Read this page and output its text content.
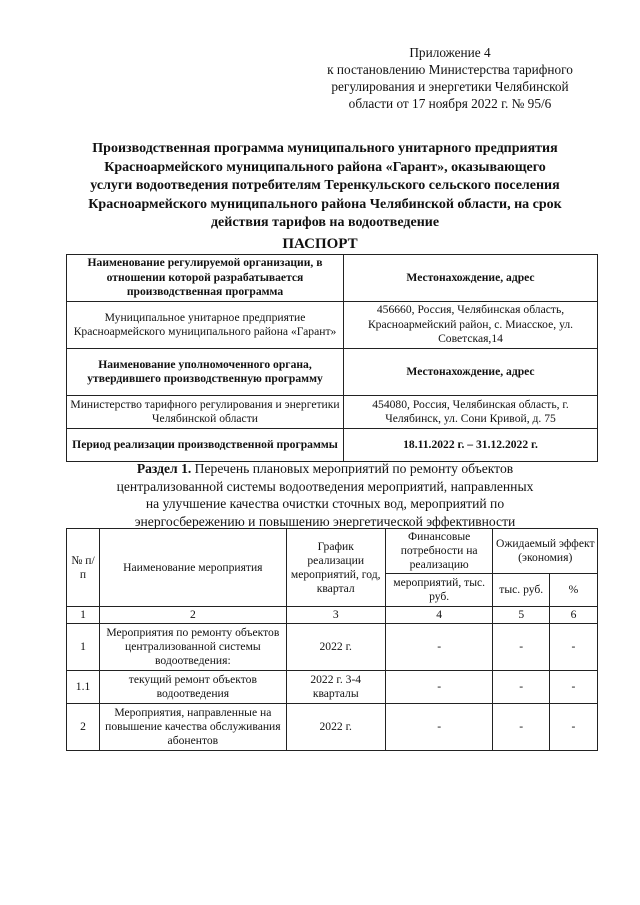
Приложение 4
к постановлению Министерства тарифного
регулирования и энергетики Челябинской
области от 17 ноября 2022 г. № 95/6
Производственная программа муниципального унитарного предприятия
Красноармейского муниципального района «Гарант», оказывающего
услуги водоотведения потребителям Теренкульского сельского поселения
Красноармейского муниципального района Челябинской области, на срок
действия тарифов на водоотведение
ПАСПОРТ
Наименование регулируемой организации, в отношении которой разрабатывается производственная программа	Местонахождение, адрес
Муниципальное унитарное предприятие Красноармейского муниципального района «Гарант»	456660, Россия, Челябинская область, Красноармейский район, с. Миасское, ул. Советская,14
Наименование уполномоченного органа, утвердившего производственную программу	Местонахождение, адрес
Министерство тарифного регулирования и энергетики Челябинской области	454080, Россия, Челябинская область, г. Челябинск, ул. Сони Кривой, д. 75
Период реализации производственной программы	18.11.2022 г. – 31.12.2022 г.
Раздел 1. Перечень плановых мероприятий по ремонту объектов
централизованной системы водоотведения мероприятий, направленных
на улучшение качества очистки сточных вод, мероприятий по
энергосбережению и повышению энергетической эффективности
№ п/п	Наименование мероприятия	График реализации мероприятий, год, квартал	Финансовые потребности на реализацию	Ожидаемый эффект (экономия)	
			мероприятий, тыс. руб.	тыс. руб.	%
1	2	3	4	5	6
1	Мероприятия по ремонту объектов централизованной системы водоотведения:	2022 г.	-	-	-
1.1	текущий ремонт объектов водоотведения	2022 г. 3-4 кварталы	-	-	-
2	Мероприятия, направленные на повышение качества обслуживания абонентов	2022 г.	-	-	-
